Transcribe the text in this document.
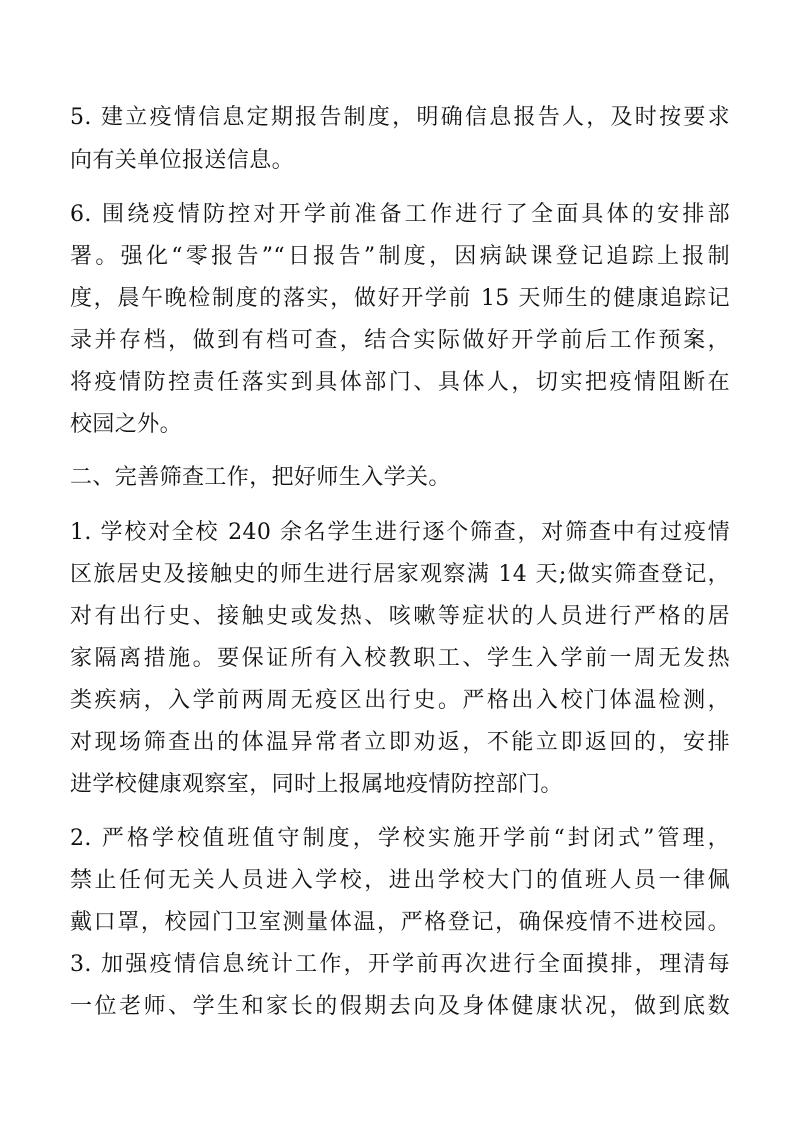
5. 建立疫情信息定期报告制度，明确信息报告人，及时按要求

向有关单位报送信息。

6. 围绕疫情防控对开学前准备工作进行了全面具体的安排部

署。强化“零报告”“日报告”制度，因病缺课登记追踪上报制

度，晨午晚检制度的落实，做好开学前 15 天师生的健康追踪记

录并存档，做到有档可查，结合实际做好开学前后工作预案，

将疫情防控责任落实到具体部门、具体人，切实把疫情阻断在

校园之外。

二、完善筛查工作，把好师生入学关。

1. 学校对全校 240 余名学生进行逐个筛查，对筛查中有过疫情

区旅居史及接触史的师生进行居家观察满 14 天;做实筛查登记，

对有出行史、接触史或发热、咳嗽等症状的人员进行严格的居

家隔离措施。要保证所有入校教职工、学生入学前一周无发热

类疾病，入学前两周无疫区出行史。严格出入校门体温检测，

对现场筛查出的体温异常者立即劝返，不能立即返回的，安排

进学校健康观察室，同时上报属地疫情防控部门。

2. 严格学校值班值守制度，学校实施开学前“封闭式”管理，

禁止任何无关人员进入学校，进出学校大门的值班人员一律佩

戴口罩，校园门卫室测量体温，严格登记，确保疫情不进校园。

3. 加强疫情信息统计工作，开学前再次进行全面摸排，理清每

一位老师、学生和家长的假期去向及身体健康状况，做到底数
